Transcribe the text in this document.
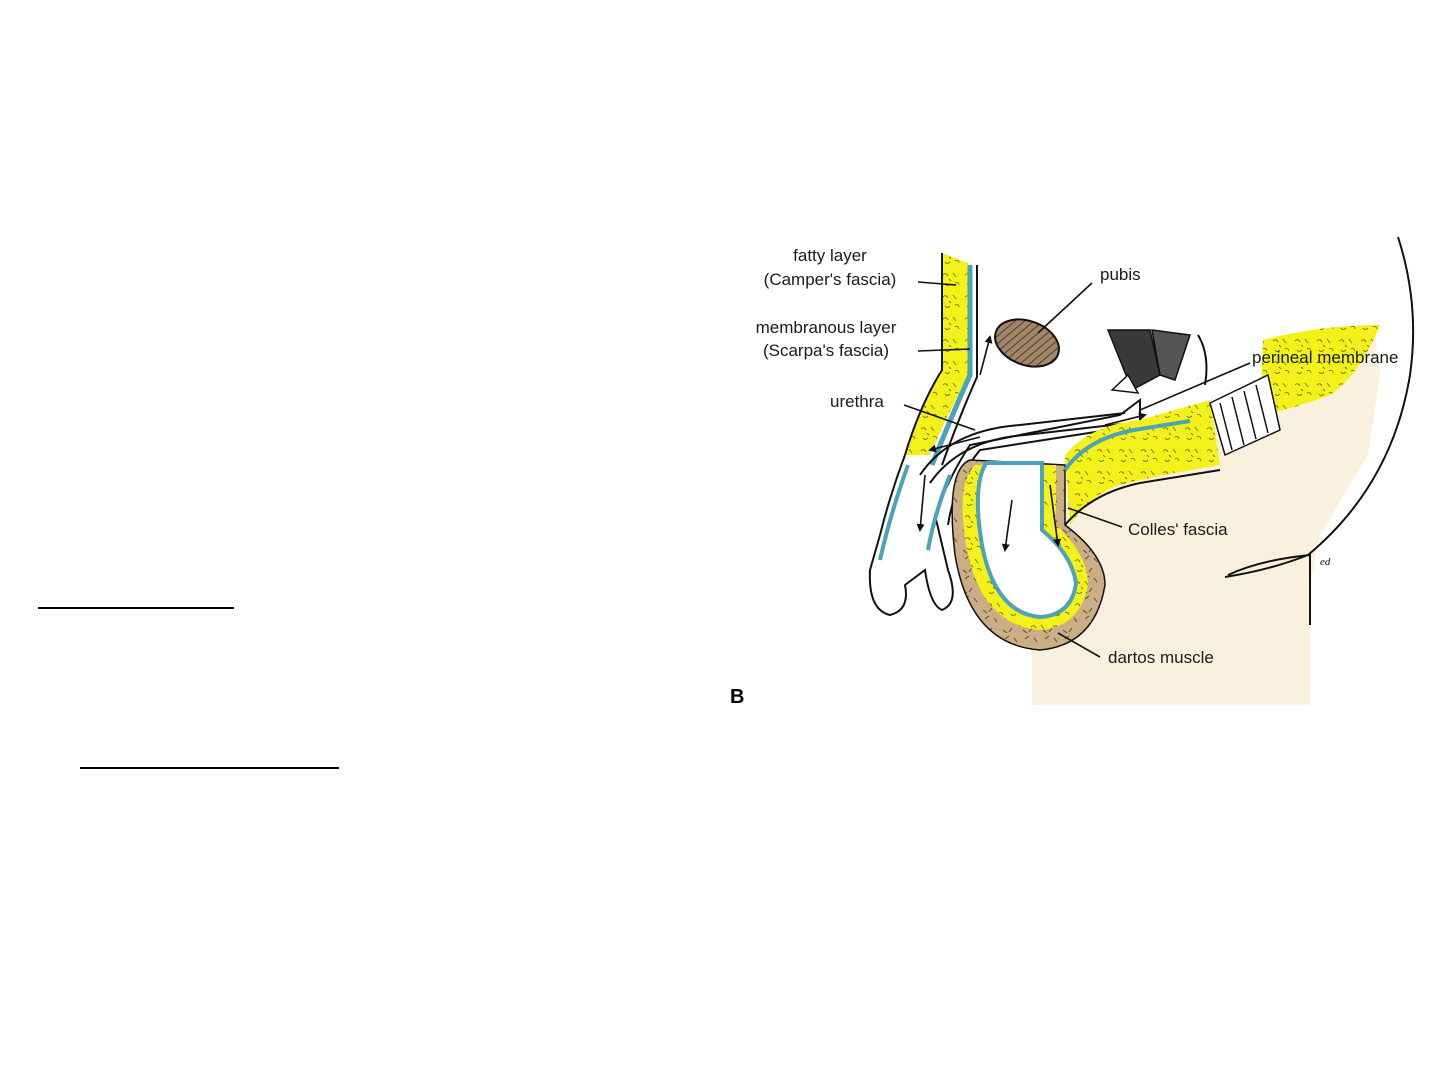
fatty layer
(Camper's fascia)
membranous layer
(Scarpa's fascia)
urethra
pubis
perineal membrane
Colles' fascia
dartos muscle
B
ed
